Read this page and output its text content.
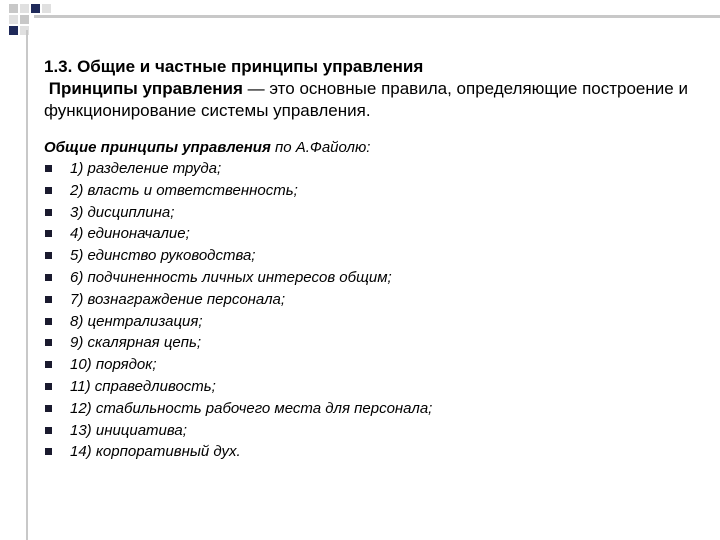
1.3. Общие и частные принципы управления
Принципы управления — это основные правила, определяющие построение и функционирование системы управления.
Общие принципы управления по А.Файолю:
1) разделение труда;
2) власть и ответственность;
3) дисциплина;
4) единоначалие;
5) единство руководства;
6) подчиненность личных интересов общим;
7) вознаграждение персонала;
8) централизация;
9) скалярная цепь;
10) порядок;
11) справедливость;
12) стабильность рабочего места для персонала;
13) инициатива;
14) корпоративный дух.
